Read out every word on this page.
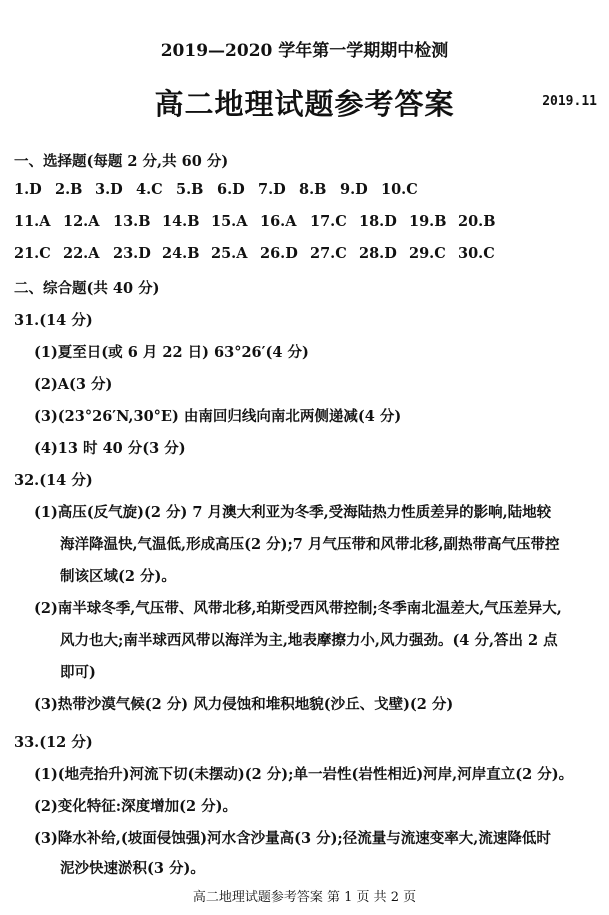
2019—2020 学年第一学期期中检测
高二地理试题参考答案	2019.11
一、选择题(每题 2 分,共 60 分)
1.D 2.B 3.D 4.C 5.B 6.D 7.D 8.B 9.D 10.C
11.A 12.A 13.B 14.B 15.A 16.A 17.C 18.D 19.B 20.B
21.C 22.A 23.D 24.B 25.A 26.D 27.C 28.D 29.C 30.C
二、综合题(共 40 分)
31.(14 分)
(1)夏至日(或 6 月 22 日) 63°26′(4 分)
(2)A(3 分)
(3)(23°26′N,30°E) 由南回归线向南北两侧递减(4 分)
(4)13 时 40 分(3 分)
32.(14 分)
(1)高压(反气旋)(2 分) 7 月澳大利亚为冬季,受海陆热力性质差异的影响,陆地较
海洋降温快,气温低,形成高压(2 分);7 月气压带和风带北移,副热带高气压带控
制该区域(2 分)。
(2)南半球冬季,气压带、风带北移,珀斯受西风带控制;冬季南北温差大,气压差异大,
风力也大;南半球西风带以海洋为主,地表摩擦力小,风力强劲。(4 分,答出 2 点
即可)
(3)热带沙漠气候(2 分) 风力侵蚀和堆积地貌(沙丘、戈壁)(2 分)
33.(12 分)
(1)(地壳抬升)河流下切(未摆动)(2 分);单一岩性(岩性相近)河岸,河岸直立(2 分)。
(2)变化特征:深度增加(2 分)。
(3)降水补给,(坡面侵蚀强)河水含沙量高(3 分);径流量与流速变率大,流速降低时
泥沙快速淤积(3 分)。
高二地理试题参考答案 第 1 页 共 2 页
